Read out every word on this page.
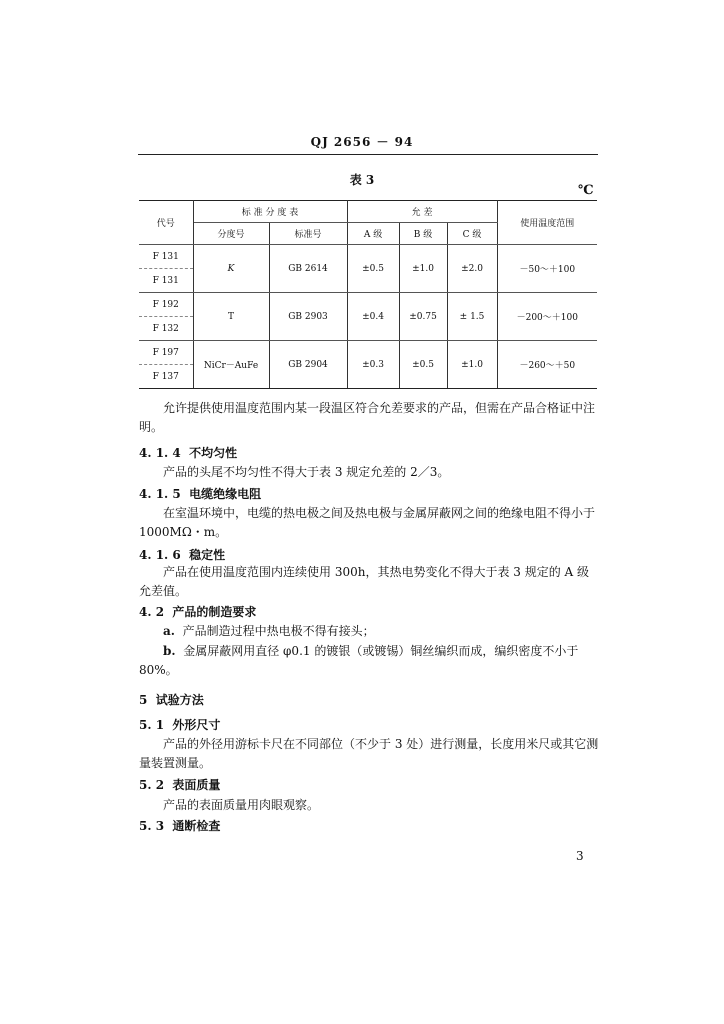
QJ 2656 － 94
表 3
℃
代号	标 准 分 度 表		允 差			使用温度范围
	分度号	标准号	A 级	B 级	C 级	
F 131	K	GB 2614	±0.5	±1.0	±2.0	－50～＋100
F 131						
F 192	T	GB 2903	±0.4	±0.75	± 1.5	－200～＋100
F 132						
F 197	NiCr－AuFe	GB 2904	±0.3	±0.5	±1.0	－260～＋50
F 137						
允许提供使用温度范围内某一段温区符合允差要求的产品，但需在产品合格证中注明。
4. 1. 4 不均匀性
产品的头尾不均匀性不得大于表 3 规定允差的 2／3。
4. 1. 5 电缆绝缘电阻
在室温环境中，电缆的热电极之间及热电极与金属屏蔽网之间的绝缘电阻不得小于1000MΩ・m。
4. 1. 6 稳定性
产品在使用温度范围内连续使用 300h，其热电势变化不得大于表 3 规定的 A 级允差值。
4. 2 产品的制造要求
a. 产品制造过程中热电极不得有接头；
b. 金属屏蔽网用直径 φ0.1 的镀银（或镀锡）铜丝编织而成，编织密度不小于80%。
5 试验方法
5. 1 外形尺寸
产品的外径用游标卡尺在不同部位（不少于 3 处）进行测量，长度用米尺或其它测量装置测量。
5. 2 表面质量
产品的表面质量用肉眼观察。
5. 3 通断检查
3
